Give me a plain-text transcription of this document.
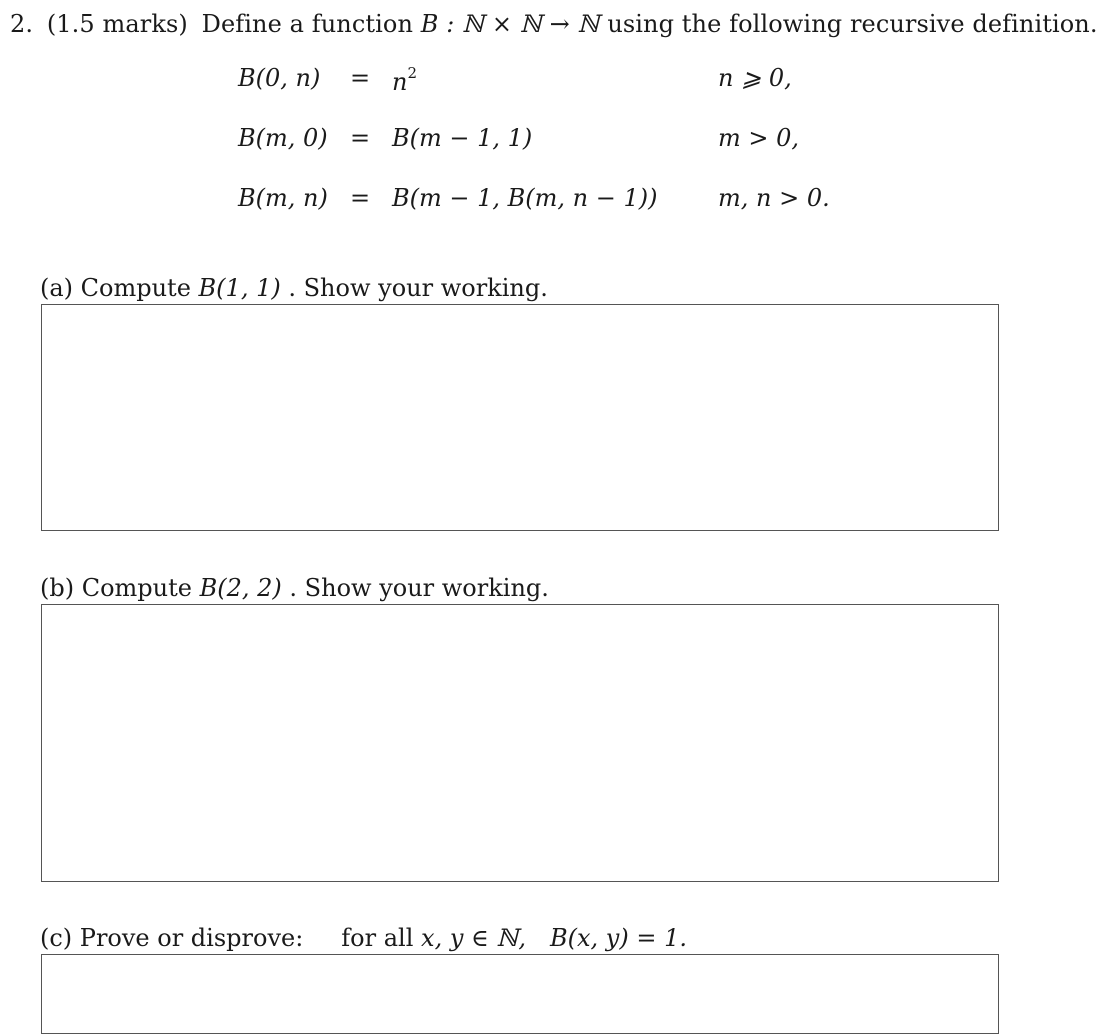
2. (1.5 marks) Define a function B : ℕ × ℕ → ℕ using the following recursive definition.
B(0, $n) = n^2$	n ⩾ 0,
B(m, 0) = B(m − 1, 1)	m > 0,
B(m, n) = B(m − 1, B(m, n − 1))	m, n > 0.
(a) Compute B(1, 1) . Show your working.
(b) Compute B(2, 2) . Show your working.
(c) Prove or disprove: for all x, y ∈ ℕ, B(x, y) = 1.
